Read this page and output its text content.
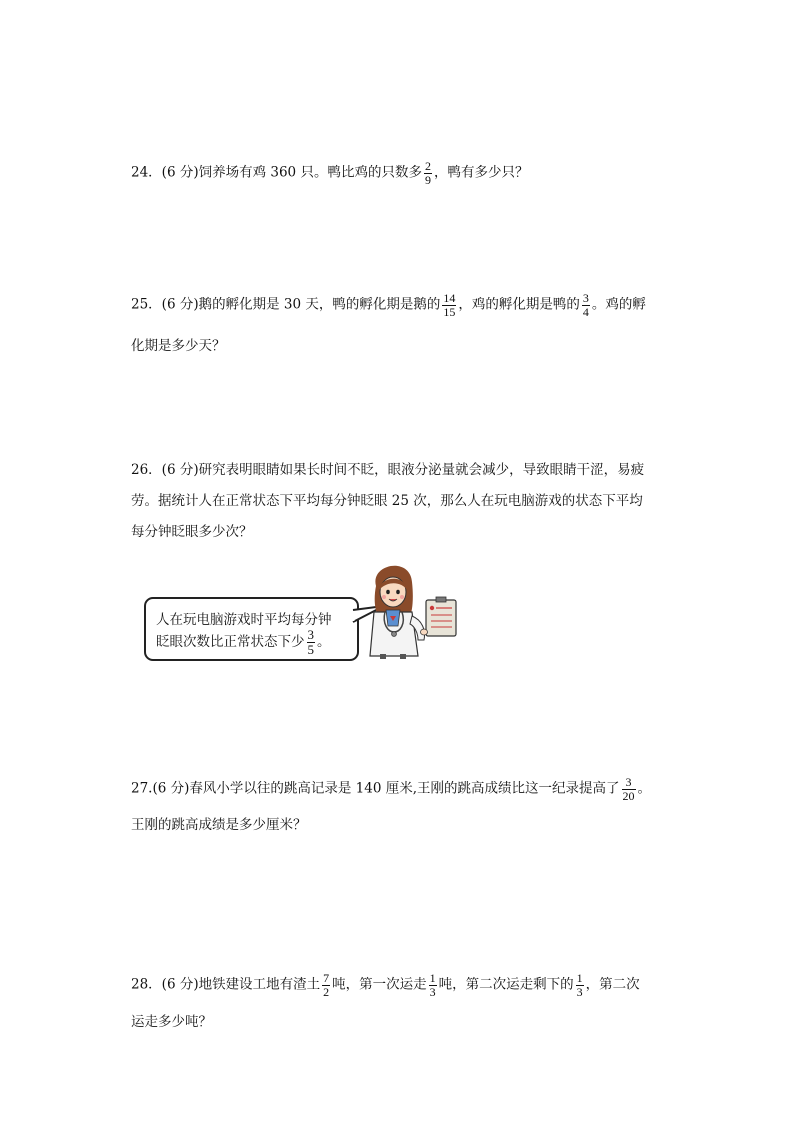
24．(6 分)饲养场有鸡 360 只。鸭比鸡的只数多 $\frac{2}{9}$ ，鸭有多少只？
25．(6 分)鹅的孵化期是 30 天，鸭的孵化期是鹅的 $\frac{14}{15}$ ，鸡的孵化期是鸭的 $\frac{3}{4}$ 。鸡的孵
化期是多少天？
26．(6 分)研究表明眼睛如果长时间不眨，眼液分泌量就会减少，导致眼睛干涩，易疲
劳。据统计人在正常状态下平均每分钟眨眼 25 次，那么人在玩电脑游戏的状态下平均
每分钟眨眼多少次？
人在玩电脑游戏时平均每分钟
眨眼次数比正常状态下少 $\frac{3}{5}$ 。
27.(6 分)春风小学以往的跳高记录是 140 厘米,王刚的跳高成绩比这一纪录提高了 $\frac{3}{20}$ 。
王刚的跳高成绩是多少厘米？
28．(6 分)地铁建设工地有渣土 $\frac{7}{2}$ 吨，第一次运走 $\frac{1}{3}$ 吨，第二次运走剩下的 $\frac{1}{3}$ ，第二次
运走多少吨？
